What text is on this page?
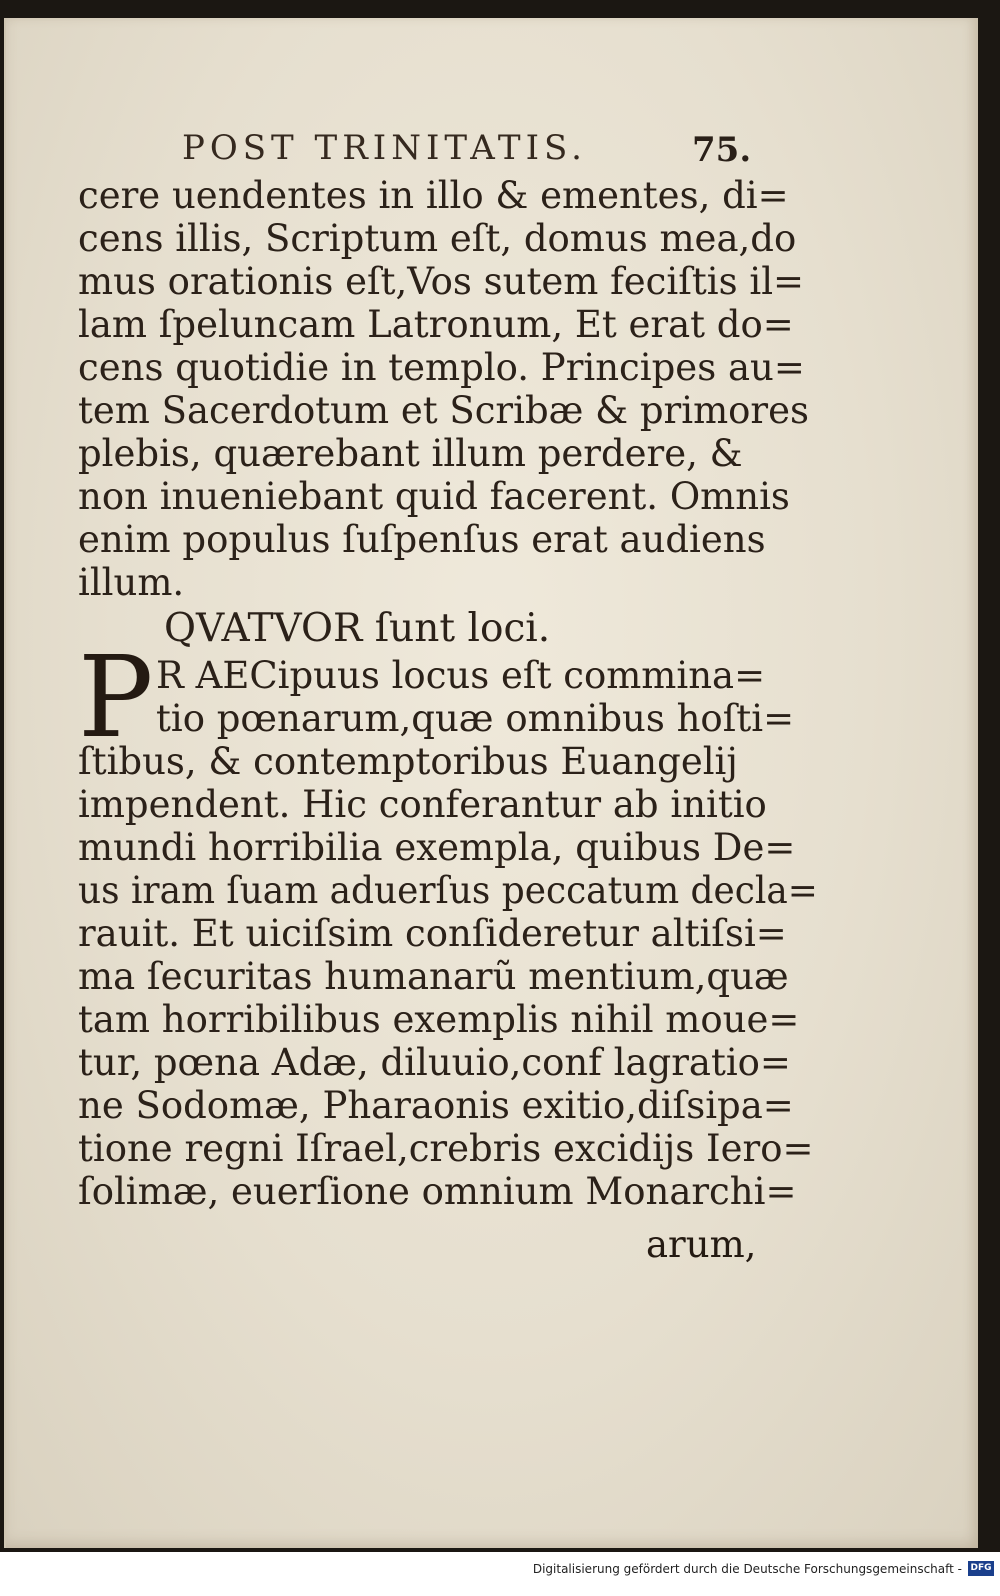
POST TRINITATIS.	75.
cere uendentes in illo & ementes, di=
cens illis, Scriptum eſt, domus mea,do
mus orationis eſt,Vos sutem feciſtis il=
lam ſpeluncam Latronum, Et erat do=
cens quotidie in templo. Principes au=
tem Sacerdotum et Scribæ & primores
plebis, quærebant illum perdere, &
non inueniebant quid facerent. Omnis
enim populus ſuſpenſus erat audiens
illum.
QVATVOR ſunt loci.
P R AECipuus locus eſt commina=
tio pœnarum,quæ omnibus hoſti=
ſtibus, & contemptoribus Euangelij
impendent. Hic conferantur ab initio
mundi horribilia exempla, quibus De=
us iram ſuam aduerſus peccatum decla=
rauit. Et uiciſsim conſideretur altiſsi=
ma ſecuritas humanarũ mentium,quæ
tam horribilibus exemplis nihil moue=
tur, pœna Adæ, diluuio,conf lagratio=
ne Sodomæ, Pharaonis exitio,diſsipa=
tione regni Iſrael,crebris excidijs Iero=
ſolimæ, euerſione omnium Monarchi=
arum,
Digitalisierung gefördert durch die Deutsche Forschungsgemeinschaft - DFG
